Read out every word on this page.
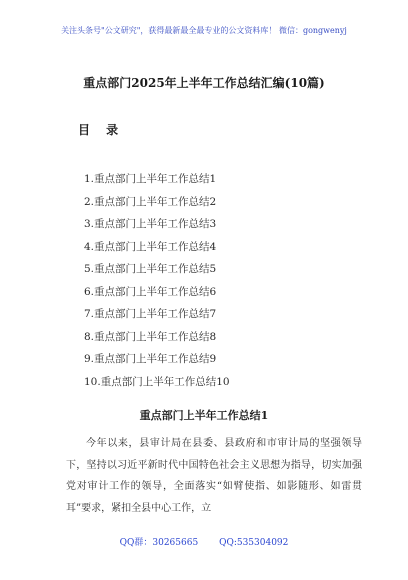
关注头条号"公文研究"，获得最新最全最专业的公文资料库！ 微信：gongwenyj
重点部门2025年上半年工作总结汇编(10篇)
目 录
1.重点部门上半年工作总结1
2.重点部门上半年工作总结2
3.重点部门上半年工作总结3
4.重点部门上半年工作总结4
5.重点部门上半年工作总结5
6.重点部门上半年工作总结6
7.重点部门上半年工作总结7
8.重点部门上半年工作总结8
9.重点部门上半年工作总结9
10.重点部门上半年工作总结10
重点部门上半年工作总结1

今年以来，县审计局在县委、县政府和市审计局的坚强领导下，坚持以习近平新时代中国特色社会主义思想为指导，切实加强党对审计工作的领导，全面落实“如臂使指、如影随形、如雷贯耳”要求，紧扣全县中心工作，立

QQ群：30265665 QQ:535304092
